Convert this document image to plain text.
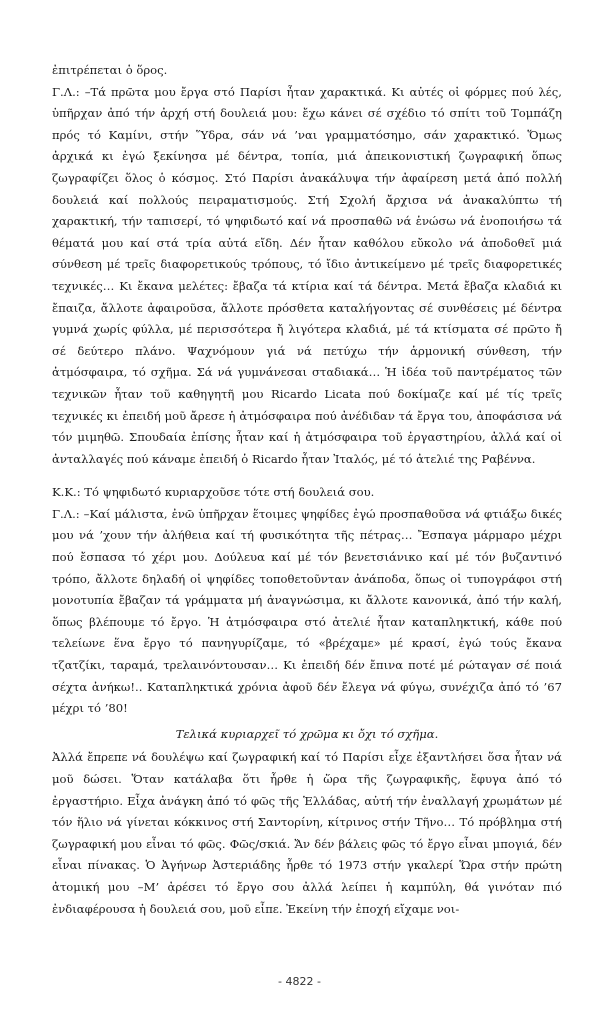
ἐπιτρέπεται ὁ ὅρος.

Γ.Λ.: –Τά πρῶτα μου ἔργα στό Παρίσι ἦταν χαρακτικά. Κι αὐτές οἱ φόρμες πού λές, ὑπῆρχαν ἀπό τήν ἀρχή στή δουλειά μου: ἔχω κάνει σέ σχέδιο τό σπίτι τοῦ Τομπάζη πρός τό Καμίνι, στήν Ὕδρα, σάν νά ’ναι γραμματόσημο, σάν χαρακτικό. Ὅμως ἀρχικά κι ἐγώ ξεκίνησα μέ δέντρα, τοπία, μιά ἀπεικονιστική ζωγραφική ὅπως ζωγραφίζει ὅλος ὁ κόσμος. Στό Παρίσι ἀνακάλυψα τήν ἀφαίρεση μετά ἀπό πολλή δουλειά καί πολλούς πειραματισμούς. Στή Σχολή ἄρχισα νά ἀνακαλύπτω τή χαρακτική, τήν ταπισερί, τό ψηφιδωτό καί νά προσπαθῶ νά ἑνώσω νά ἑνοποιήσω τά θέματά μου καί στά τρία αὐτά εἴδη. Δέν ἦταν καθόλου εὔκολο νά ἀποδοθεῖ μιά σύνθεση μέ τρεῖς διαφορετικούς τρόπους, τό ἴδιο ἀντικείμενο μέ τρεῖς διαφορετικές τεχνικές… Κι ἔκανα μελέτες: ἔβαζα τά κτίρια καί τά δέντρα. Μετά ἔβαζα κλαδιά κι ἔπαιζα, ἄλλοτε ἀφαιροῦσα, ἄλλοτε πρόσθετα καταλήγοντας σέ συνθέσεις μέ δέντρα γυμνά χωρίς φύλλα, μέ περισσότερα ἤ λιγότερα κλαδιά, μέ τά κτίσματα σέ πρῶτο ἤ σέ δεύτερο πλάνο. Ψαχνόμουν γιά νά πετύχω τήν ἁρμονική σύνθεση, τήν ἀτμόσφαιρα, τό σχῆμα. Σά νά γυμνάνεσαι σταδιακά… Ἡ ἰδέα τοῦ παντρέματος τῶν τεχνικῶν ἦταν τοῦ καθηγητῆ μου Ricardo Licata πού δοκίμαζε καί μέ τίς τρεῖς τεχνικές κι ἐπειδή μοῦ ἄρεσε ἡ ἀτμόσφαιρα πού ἀνέδιδαν τά ἔργα του, ἀποφάσισα νά τόν μιμηθῶ. Σπουδαία ἐπίσης ἦταν καί ἡ ἀτμόσφαιρα τοῦ ἐργαστηρίου, ἀλλά καί οἱ ἀνταλλαγές πού κάναμε ἐπειδή ὁ Ricardo ἦταν Ἰταλός, μέ τό ἀτελιέ της Ραβέννα.

Κ.Κ.: Τό ψηφιδωτό κυριαρχοῦσε τότε στή δουλειά σου.

Γ.Λ.: –Καί μάλιστα, ἐνῶ ὑπῆρχαν ἕτοιμες ψηφίδες ἐγώ προσπαθοῦσα νά φτιάξω δικές μου νά ’χουν τήν ἀλήθεια καί τή φυσικότητα τῆς πέτρας… Ἔσπαγα μάρμαρο μέχρι πού ἔσπασα τό χέρι μου. Δούλευα καί μέ τόν βενετσιάνικο καί μέ τόν βυζαντινό τρόπο, ἄλλοτε δηλαδή οἱ ψηφίδες τοποθετοῦνταν ἀνάποδα, ὅπως οἱ τυπογράφοι στή μονοτυπία ἔβαζαν τά γράμματα μή ἀναγνώσιμα, κι ἄλλοτε κανονικά, ἀπό τήν καλή, ὅπως βλέπουμε τό ἔργο. Ἡ ἀτμόσφαιρα στό ἀτελιέ ἦταν καταπληκτική, κάθε πού τελείωνε ἕνα ἔργο τό πανηγυρίζαμε, τό «βρέχαμε» μέ κρασί, ἐγώ τούς ἔκανα τζατζίκι, ταραμά, τρελαινόντουσαν… Κι ἐπειδή δέν ἔπινα ποτέ μέ ρώταγαν σέ ποιά σέχτα ἀνήκω!.. Καταπληκτικά χρόνια ἀφοῦ δέν ἔλεγα νά φύγω, συνέχιζα ἀπό τό ’67 μέχρι τό ’80!

Τελικά κυριαρχεῖ τό χρῶμα κι ὄχι τό σχῆμα.

Ἀλλά ἔπρεπε νά δουλέψω καί ζωγραφική καί τό Παρίσι εἶχε ἐξαντλήσει ὅσα ἦταν νά μοῦ δώσει. Ὅταν κατάλαβα ὅτι ἦρθε ἡ ὥρα τῆς ζωγραφικῆς, ἔφυγα ἀπό τό ἐργαστήριο. Εἶχα ἀνάγκη ἀπό τό φῶς τῆς Ἑλλάδας, αὐτή τήν ἐναλλαγή χρωμάτων μέ τόν ἥλιο νά γίνεται κόκκινος στή Σαντορίνη, κίτρινος στήν Τῆνο… Τό πρόβλημα στή ζωγραφική μου εἶναι τό φῶς. Φῶς/σκιά. Ἄν δέν βάλεις φῶς τό ἔργο εἶναι μπογιά, δέν εἶναι πίνακας. Ὁ Ἀγήνωρ Ἀστεριάδης ἦρθε τό 1973 στήν γκαλερί Ὥρα στήν πρώτη ἀτομική μου –Μ’ ἀρέσει τό ἔργο σου ἀλλά λείπει ἡ καμπύλη, θά γινόταν πιό ἐνδιαφέρουσα ἡ δουλειά σου, μοῦ εἶπε. Ἐκείνη τήν ἐποχή εἴχαμε νοι-

- 4822 -
